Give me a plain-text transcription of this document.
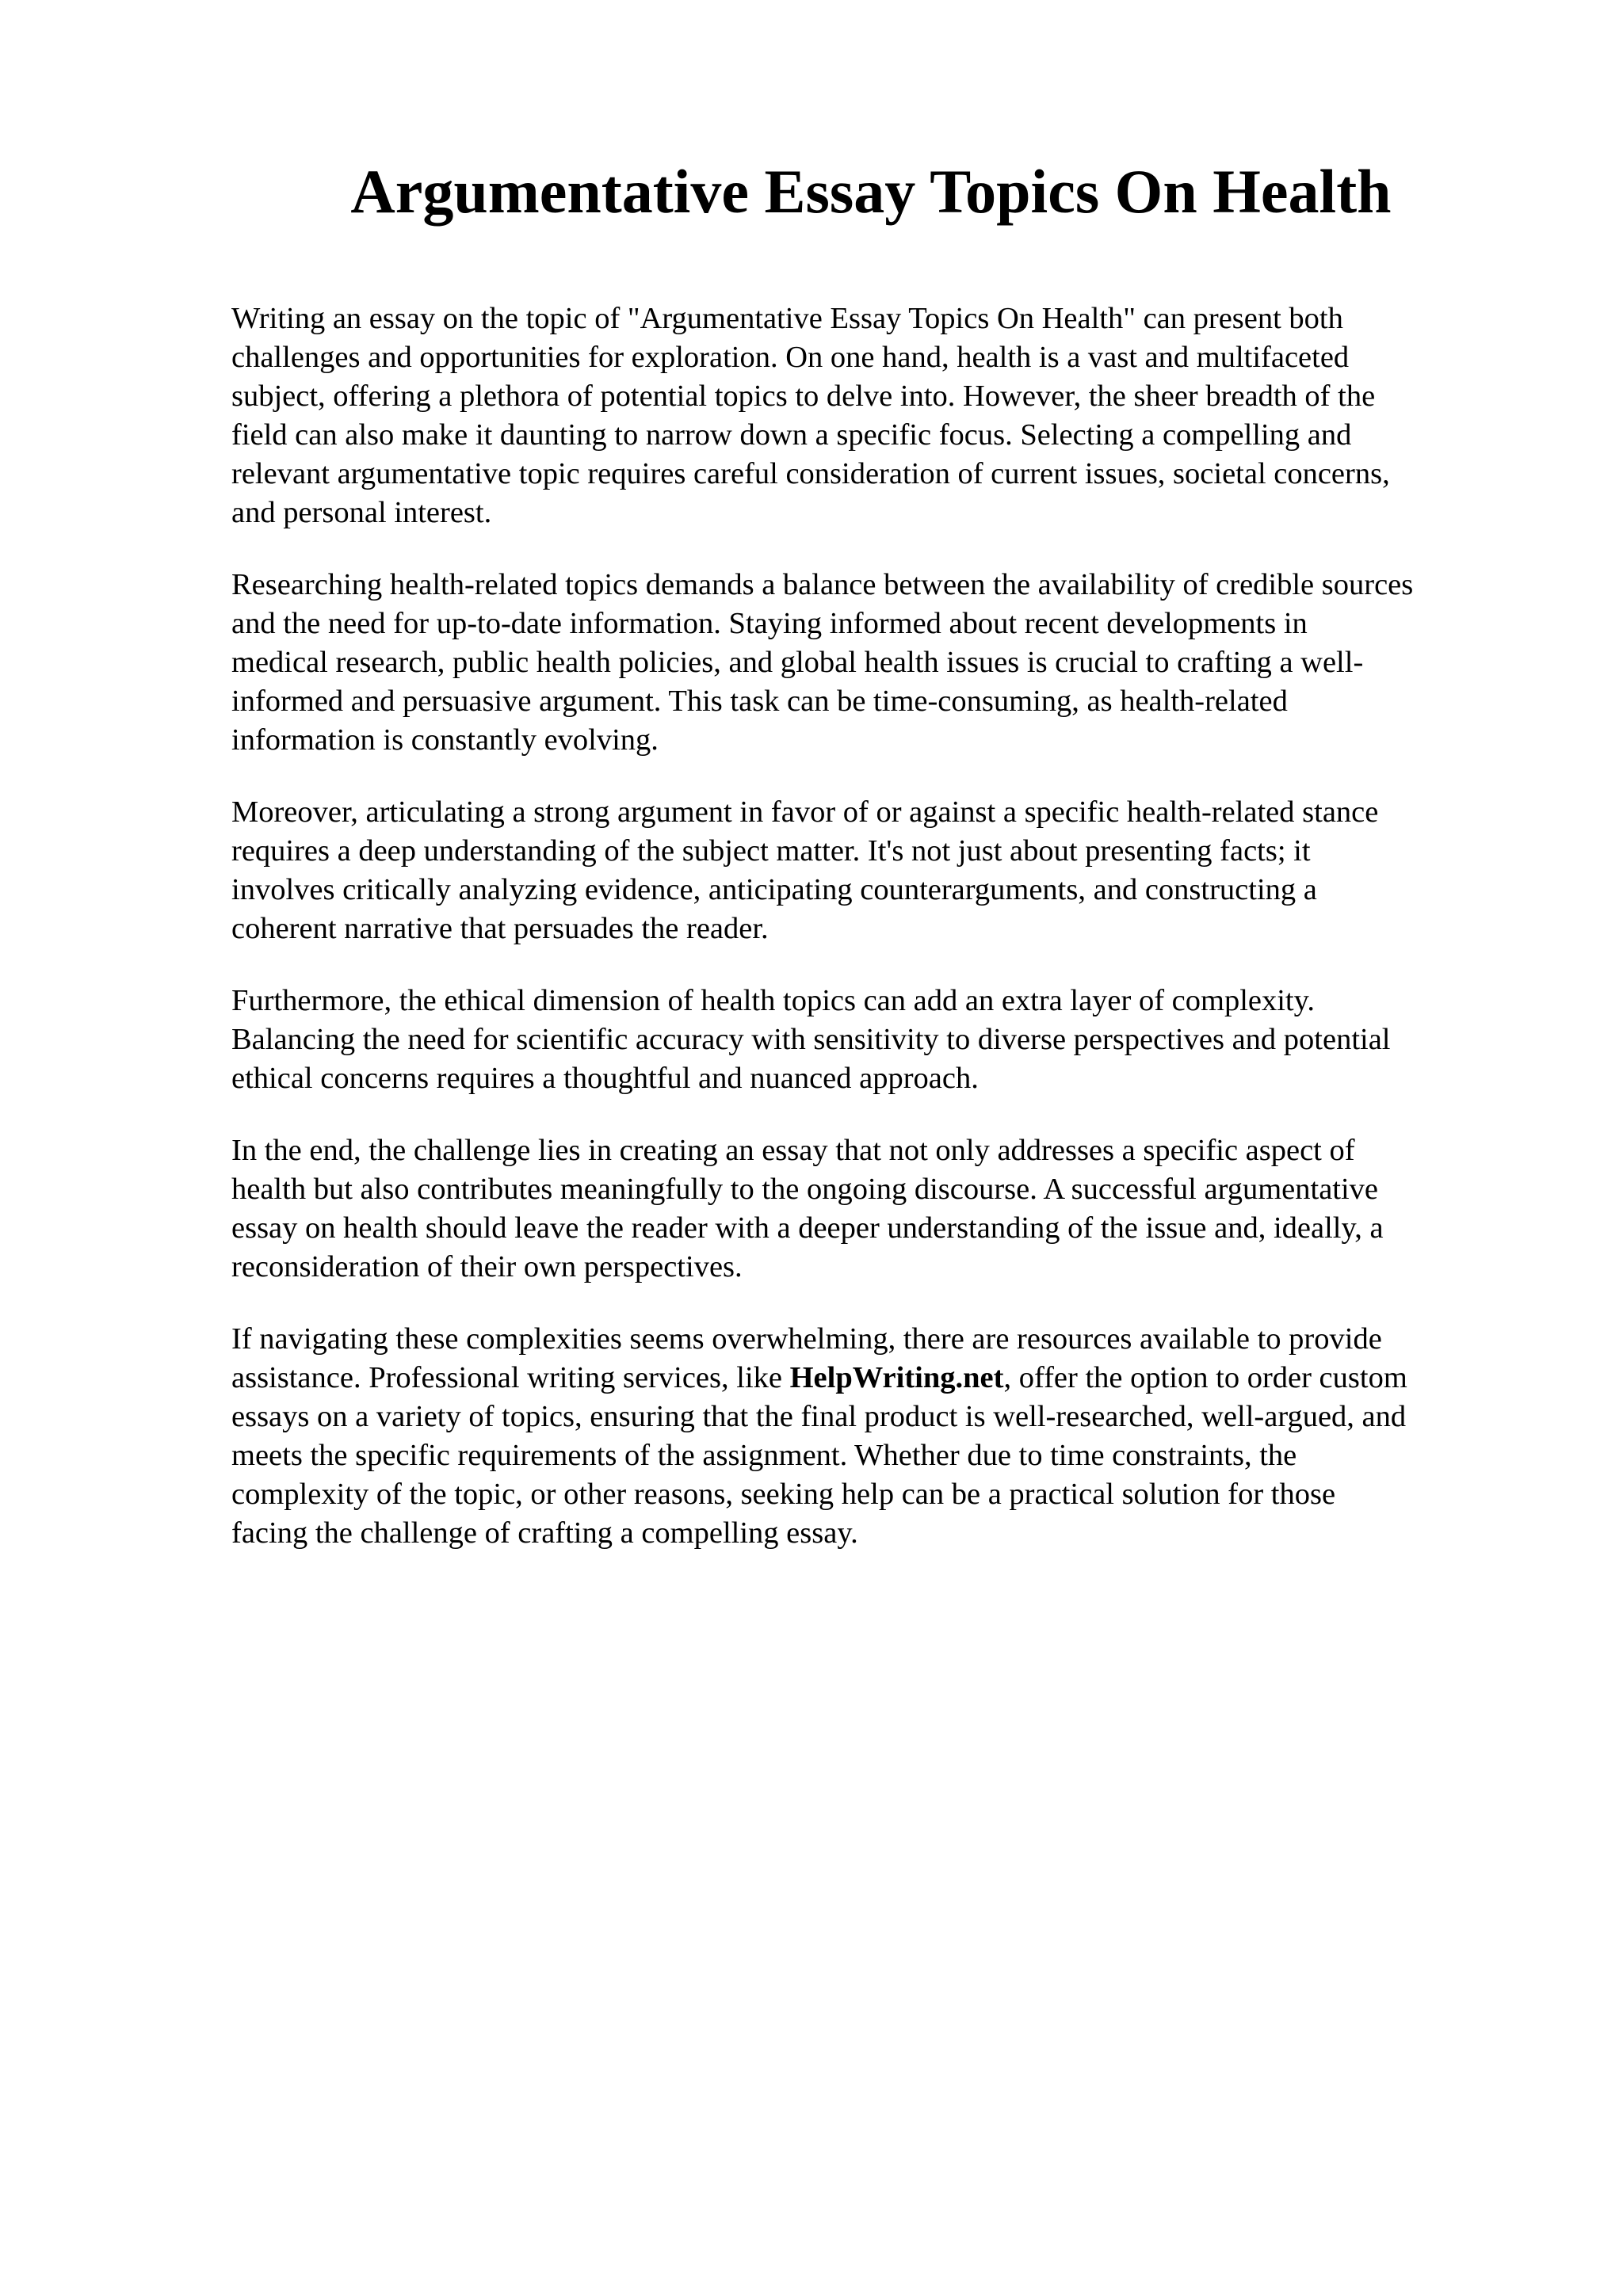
Argumentative Essay Topics On Health

Writing an essay on the topic of "Argumentative Essay Topics On Health" can present both
challenges and opportunities for exploration. On one hand, health is a vast and multifaceted
subject, offering a plethora of potential topics to delve into. However, the sheer breadth of the
field can also make it daunting to narrow down a specific focus. Selecting a compelling and
relevant argumentative topic requires careful consideration of current issues, societal concerns,
and personal interest.

Researching health-related topics demands a balance between the availability of credible sources
and the need for up-to-date information. Staying informed about recent developments in
medical research, public health policies, and global health issues is crucial to crafting a well-
informed and persuasive argument. This task can be time-consuming, as health-related
information is constantly evolving.

Moreover, articulating a strong argument in favor of or against a specific health-related stance
requires a deep understanding of the subject matter. It's not just about presenting facts; it
involves critically analyzing evidence, anticipating counterarguments, and constructing a
coherent narrative that persuades the reader.

Furthermore, the ethical dimension of health topics can add an extra layer of complexity.
Balancing the need for scientific accuracy with sensitivity to diverse perspectives and potential
ethical concerns requires a thoughtful and nuanced approach.

In the end, the challenge lies in creating an essay that not only addresses a specific aspect of
health but also contributes meaningfully to the ongoing discourse. A successful argumentative
essay on health should leave the reader with a deeper understanding of the issue and, ideally, a
reconsideration of their own perspectives.

If navigating these complexities seems overwhelming, there are resources available to provide
assistance. Professional writing services, like HelpWriting.net, offer the option to order custom
essays on a variety of topics, ensuring that the final product is well-researched, well-argued, and
meets the specific requirements of the assignment. Whether due to time constraints, the
complexity of the topic, or other reasons, seeking help can be a practical solution for those
facing the challenge of crafting a compelling essay.
